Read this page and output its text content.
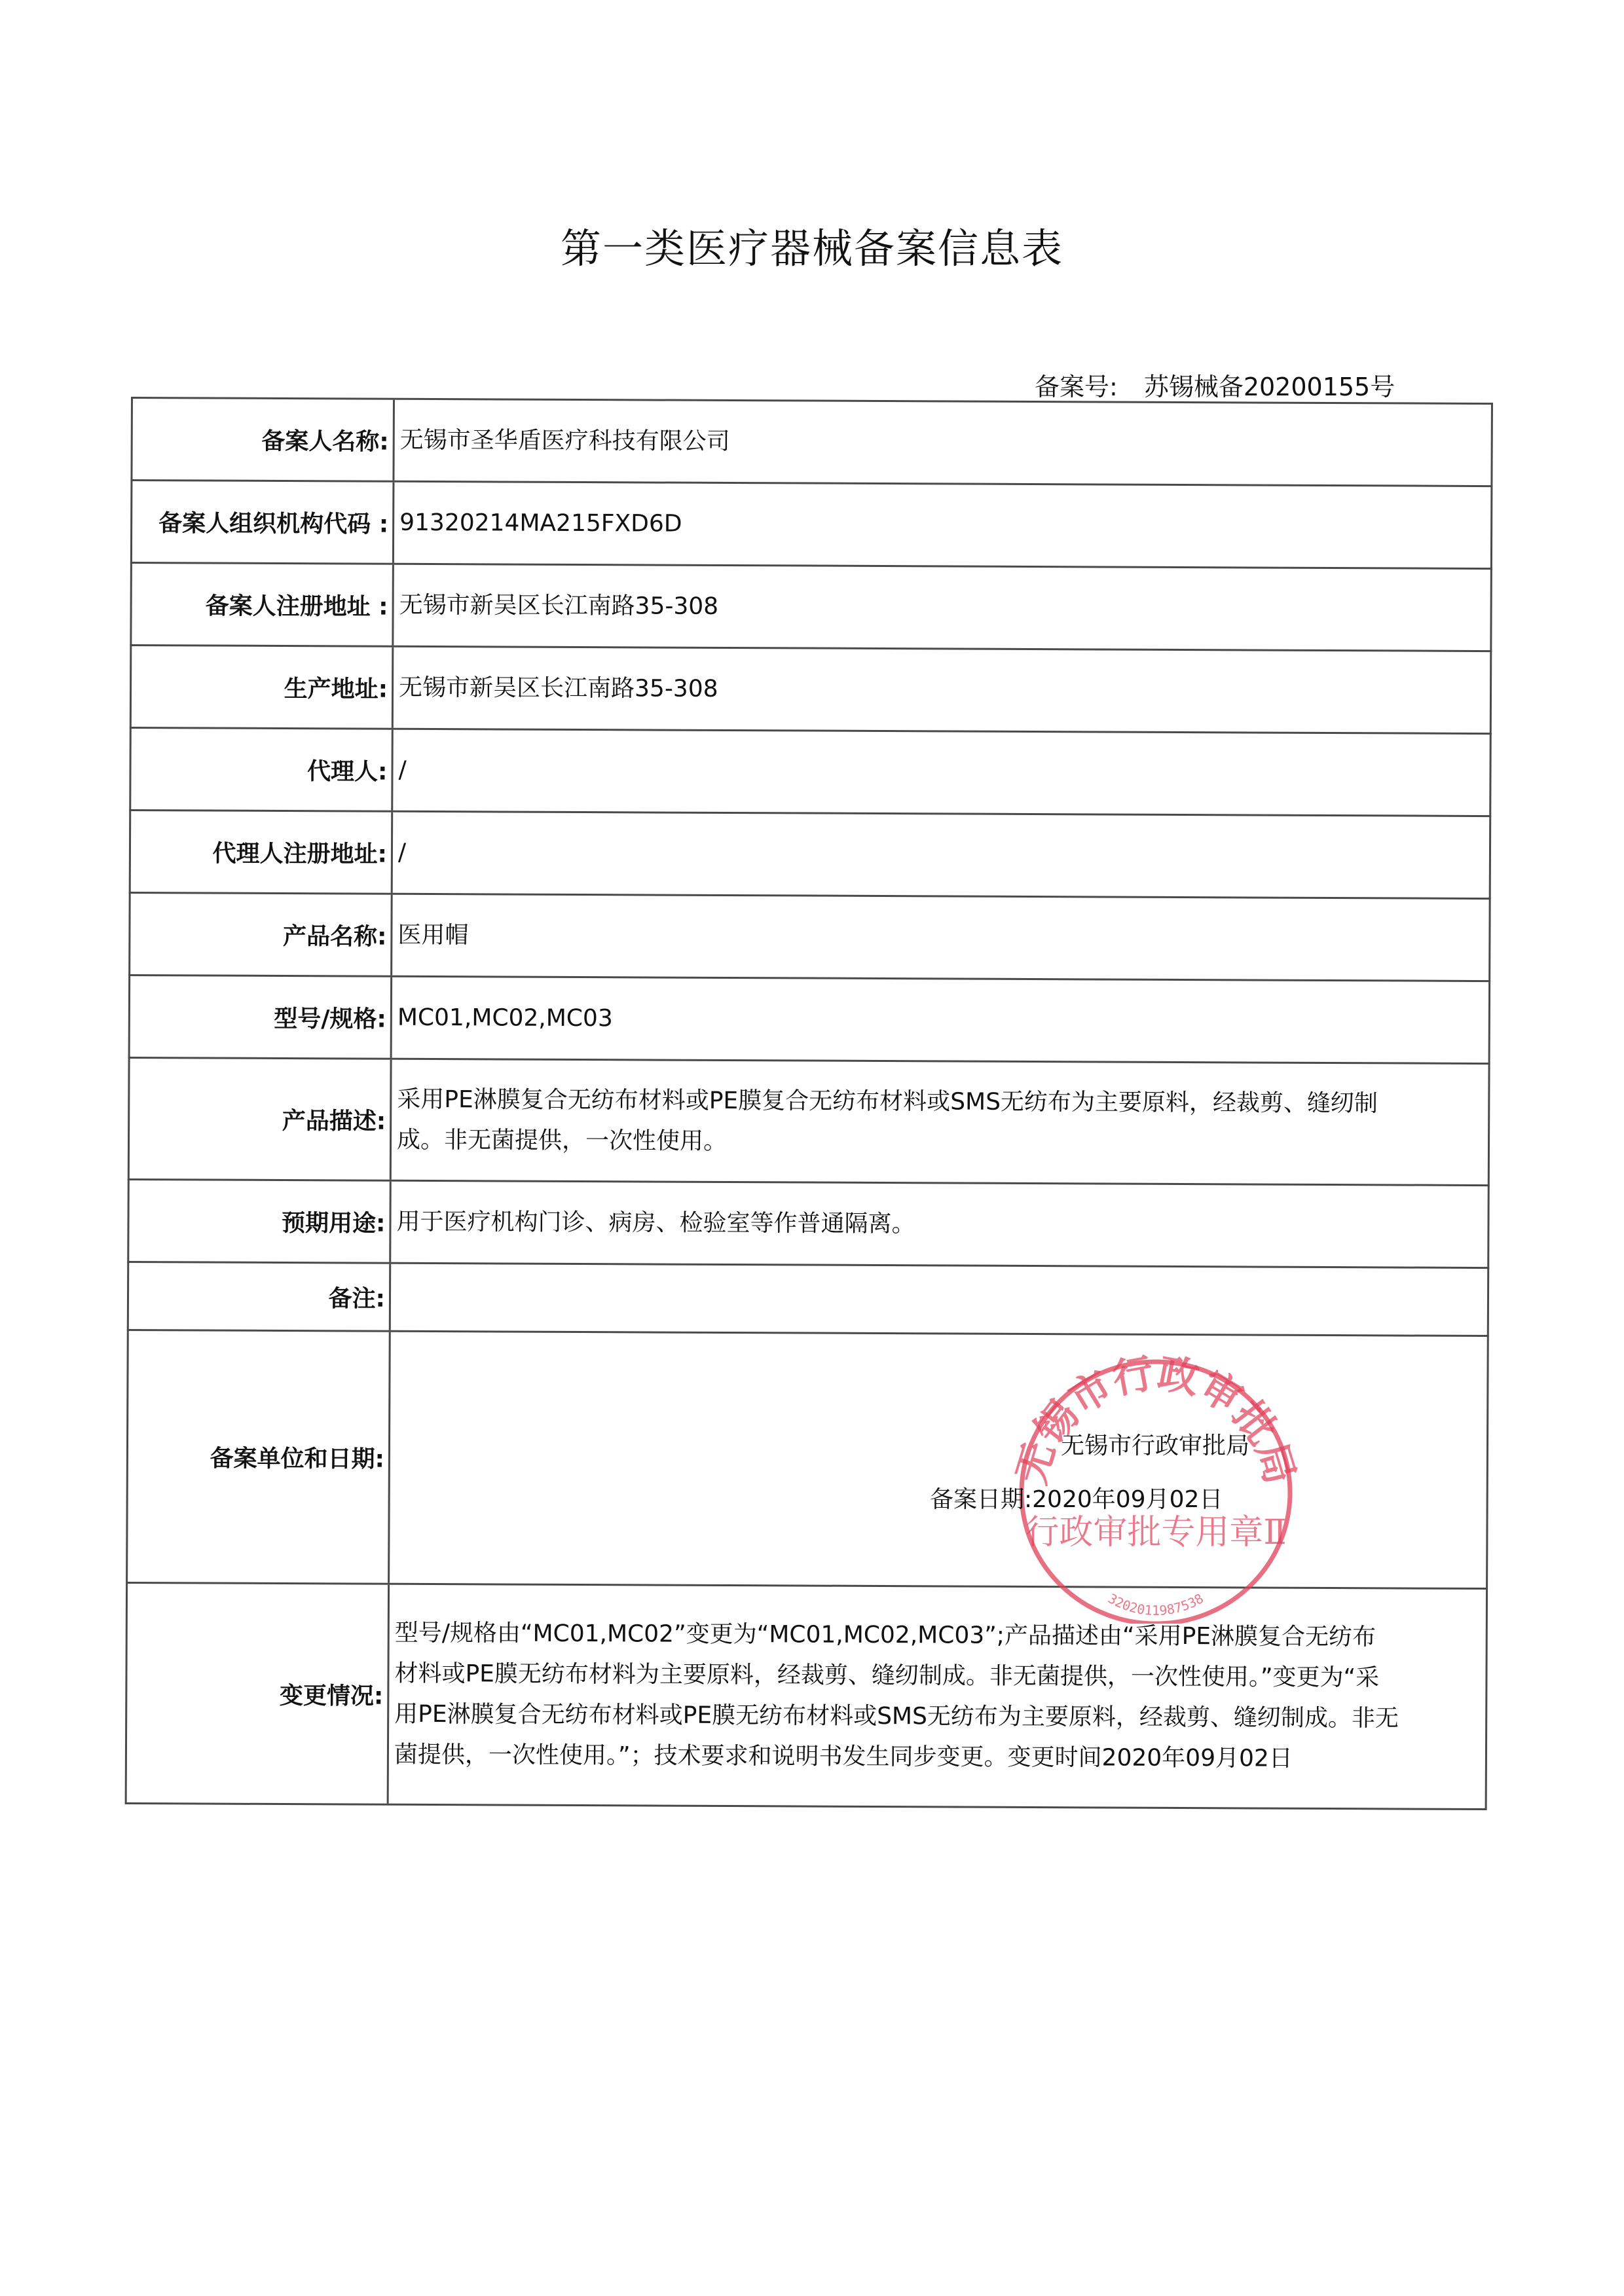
第一类医疗器械备案信息表
备案号: 苏锡械备20200155号
备案人名称: 无锡市圣华盾医疗科技有限公司
备案人组织机构代码 : 91320214MA215FXD6D
备案人注册地址 : 无锡市新吴区长江南路35-308
生产地址: 无锡市新吴区长江南路35-308
代理人: /
代理人注册地址: /
产品名称: 医用帽
型号/规格: MC01,MC02,MC03
产品描述:
采用PE淋膜复合无纺布材料或PE膜复合无纺布材料或SMS无纺布为主要原料，经裁剪、缝纫制
成。非无菌提供，一次性使用。
预期用途: 用于医疗机构门诊、病房、检验室等作普通隔离。
备注:
备案单位和日期:
变更情况:
型号/规格由“MC01,MC02”变更为“MC01,MC02,MC03”;产品描述由“采用PE淋膜复合无纺布
材料或PE膜无纺布材料为主要原料，经裁剪、缝纫制成。非无菌提供，一次性使用。”变更为“采
用PE淋膜复合无纺布材料或PE膜无纺布材料或SMS无纺布为主要原料，经裁剪、缝纫制成。非无
菌提供，一次性使用。”；技术要求和说明书发生同步变更。变更时间2020年09月02日
无锡市行政审批局
行政审批专用章Ⅱ
3202011987538
无锡市行政审批局
备案日期:2020年09月02日
